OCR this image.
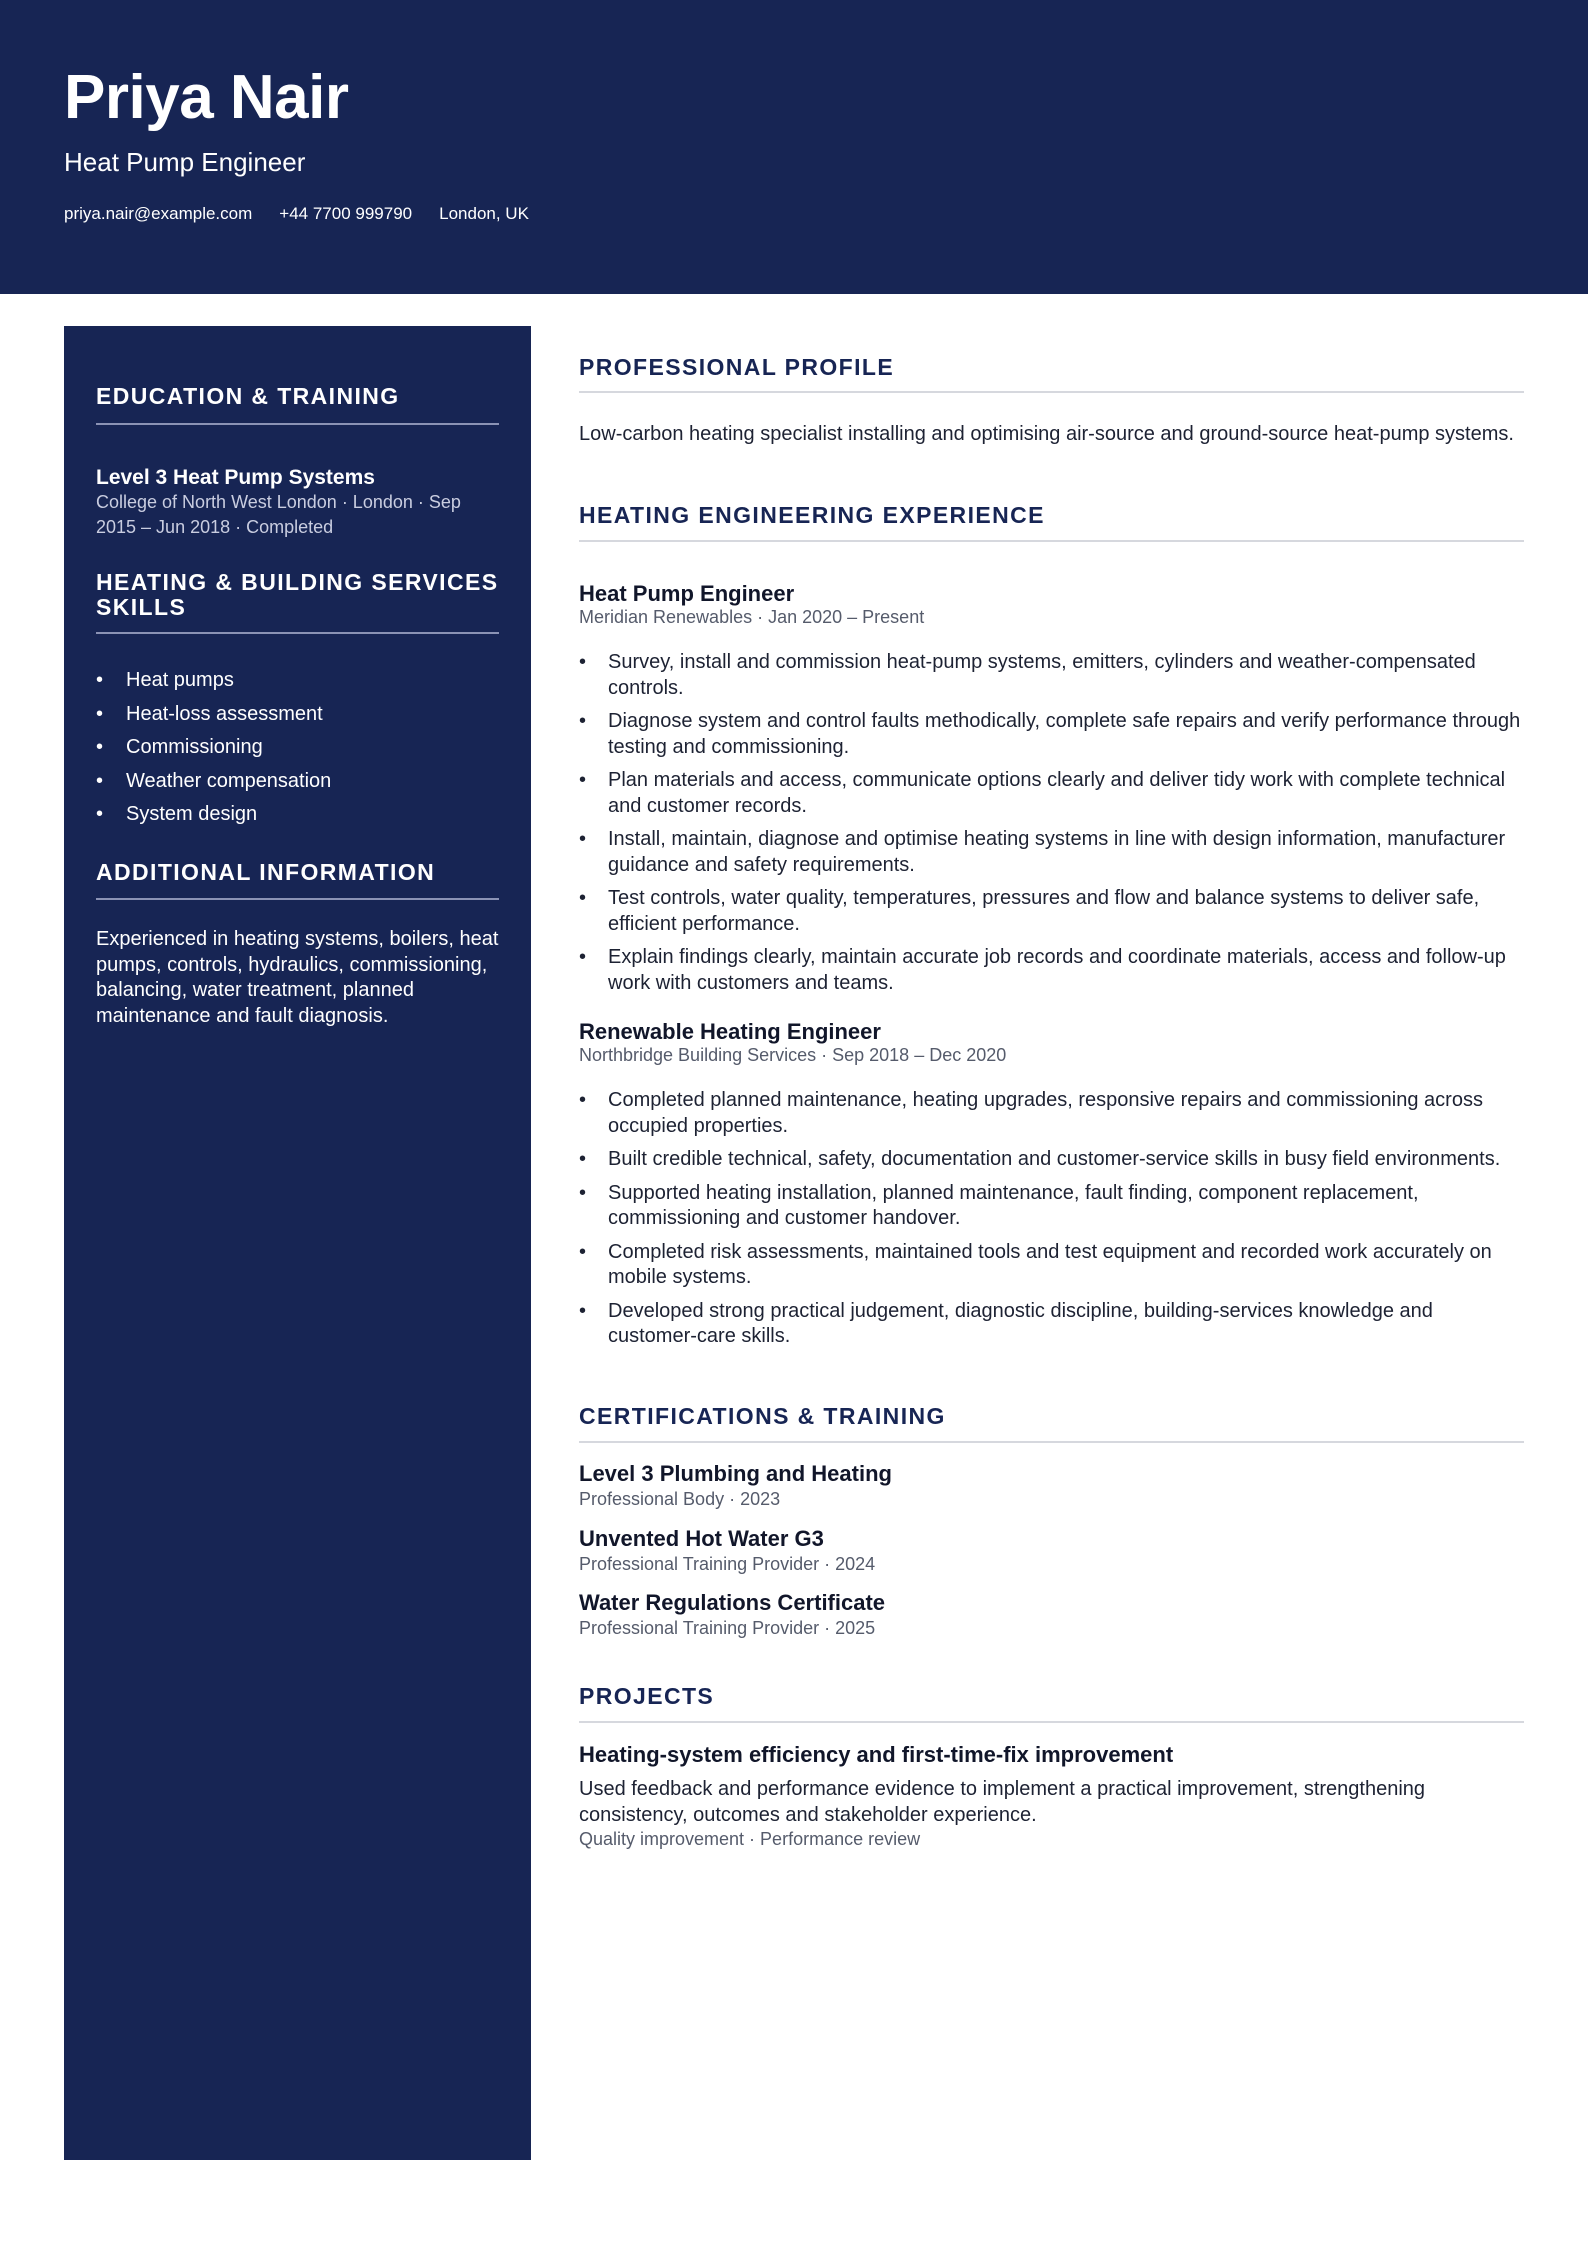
Priya Nair
Heat Pump Engineer
priya.nair@example.com +44 7700 999790 London, UK
EDUCATION & TRAINING
Level 3 Heat Pump Systems
College of North West London · London · Sep 2015 – Jun 2018 · Completed
HEATING & BUILDING SERVICES SKILLS
• Heat pumps
• Heat-loss assessment
• Commissioning
• Weather compensation
• System design
ADDITIONAL INFORMATION

Experienced in heating systems, boilers, heat pumps, controls, hydraulics, commissioning, balancing, water treatment, planned maintenance and fault diagnosis.

PROFESSIONAL PROFILE

Low-carbon heating specialist installing and optimising air-source and ground-source heat-pump systems.

HEATING ENGINEERING EXPERIENCE
Heat Pump Engineer
Meridian Renewables · Jan 2020 – Present
• Survey, install and commission heat-pump systems, emitters, cylinders and weather-compensated controls.
• Diagnose system and control faults methodically, complete safe repairs and verify performance through testing and commissioning.
• Plan materials and access, communicate options clearly and deliver tidy work with complete technical and customer records.
• Install, maintain, diagnose and optimise heating systems in line with design information, manufacturer guidance and safety requirements.
• Test controls, water quality, temperatures, pressures and flow and balance systems to deliver safe, efficient performance.
• Explain findings clearly, maintain accurate job records and coordinate materials, access and follow-up work with customers and teams.
Renewable Heating Engineer
Northbridge Building Services · Sep 2018 – Dec 2020
• Completed planned maintenance, heating upgrades, responsive repairs and commissioning across occupied properties.
• Built credible technical, safety, documentation and customer-service skills in busy field environments.
• Supported heating installation, planned maintenance, fault finding, component replacement, commissioning and customer handover.
• Completed risk assessments, maintained tools and test equipment and recorded work accurately on mobile systems.
• Developed strong practical judgement, diagnostic discipline, building-services knowledge and customer-care skills.
CERTIFICATIONS & TRAINING
Level 3 Plumbing and Heating
Professional Body · 2023
Unvented Hot Water G3
Professional Training Provider · 2024
Water Regulations Certificate
Professional Training Provider · 2025
PROJECTS
Heating-system efficiency and first-time-fix improvement

Used feedback and performance evidence to implement a practical improvement, strengthening consistency, outcomes and stakeholder experience.

Quality improvement · Performance review
